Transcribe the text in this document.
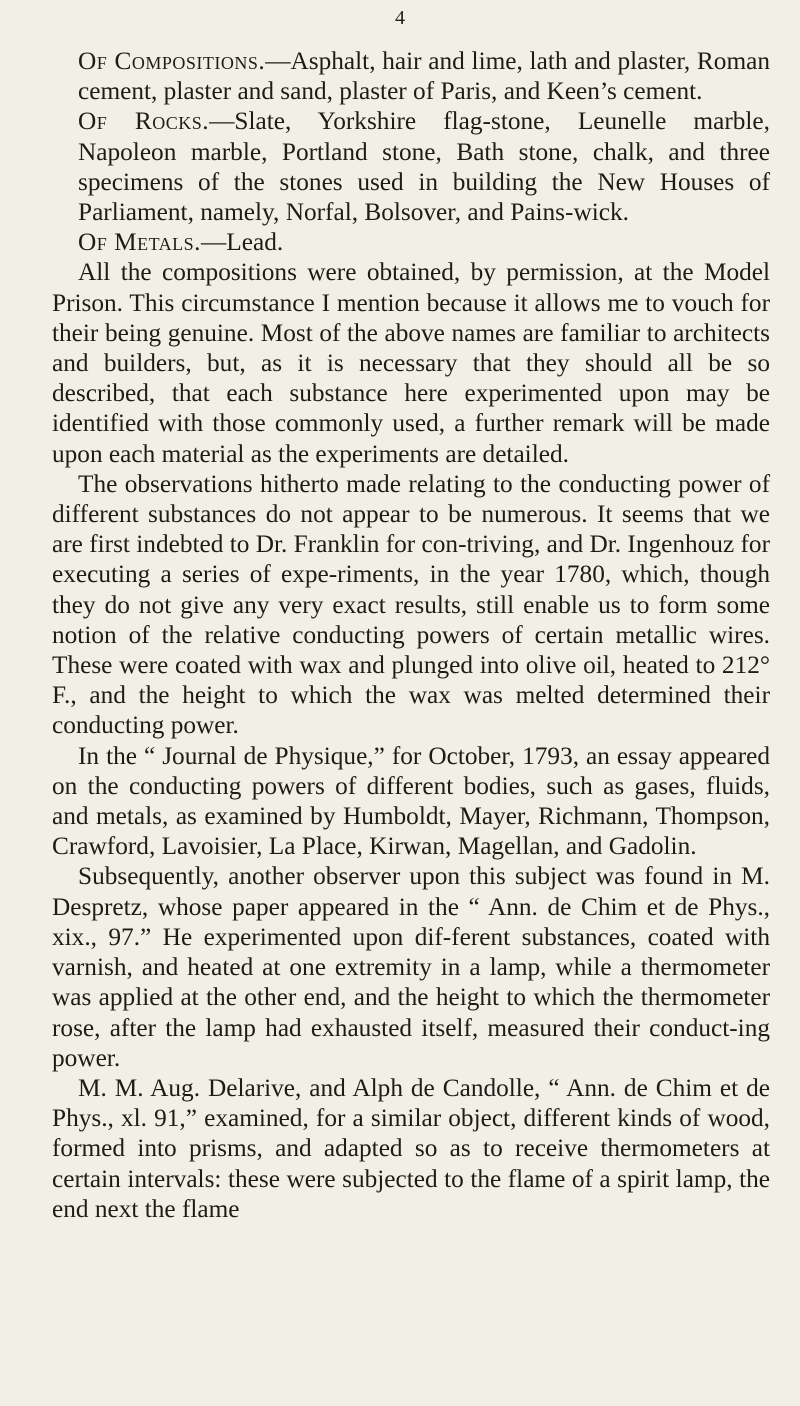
4

Of Compositions.—Asphalt, hair and lime, lath and plaster, Roman cement, plaster and sand, plaster of Paris, and Keen’s cement.

Of Rocks.—Slate, Yorkshire flag-stone, Leunelle marble, Napoleon marble, Portland stone, Bath stone, chalk, and three specimens of the stones used in building the New Houses of Parliament, namely, Norfal, Bolsover, and Pains-wick.

Of Metals.—Lead.

All the compositions were obtained, by permission, at the Model Prison. This circumstance I mention because it allows me to vouch for their being genuine. Most of the above names are familiar to architects and builders, but, as it is necessary that they should all be so described, that each substance here experimented upon may be identified with those commonly used, a further remark will be made upon each material as the experiments are detailed.

The observations hitherto made relating to the conducting power of different substances do not appear to be numerous. It seems that we are first indebted to Dr. Franklin for con-triving, and Dr. Ingenhouz for executing a series of expe-riments, in the year 1780, which, though they do not give any very exact results, still enable us to form some notion of the relative conducting powers of certain metallic wires. These were coated with wax and plunged into olive oil, heated to 212° F., and the height to which the wax was melted determined their conducting power.

In the “ Journal de Physique,” for October, 1793, an essay appeared on the conducting powers of different bodies, such as gases, fluids, and metals, as examined by Humboldt, Mayer, Richmann, Thompson, Crawford, Lavoisier, La Place, Kirwan, Magellan, and Gadolin.

Subsequently, another observer upon this subject was found in M. Despretz, whose paper appeared in the “ Ann. de Chim et de Phys., xix., 97.” He experimented upon dif-ferent substances, coated with varnish, and heated at one extremity in a lamp, while a thermometer was applied at the other end, and the height to which the thermometer rose, after the lamp had exhausted itself, measured their conduct-ing power.

M. M. Aug. Delarive, and Alph de Candolle, “ Ann. de Chim et de Phys., xl. 91,” examined, for a similar object, different kinds of wood, formed into prisms, and adapted so as to receive thermometers at certain intervals: these were subjected to the flame of a spirit lamp, the end next the flame
